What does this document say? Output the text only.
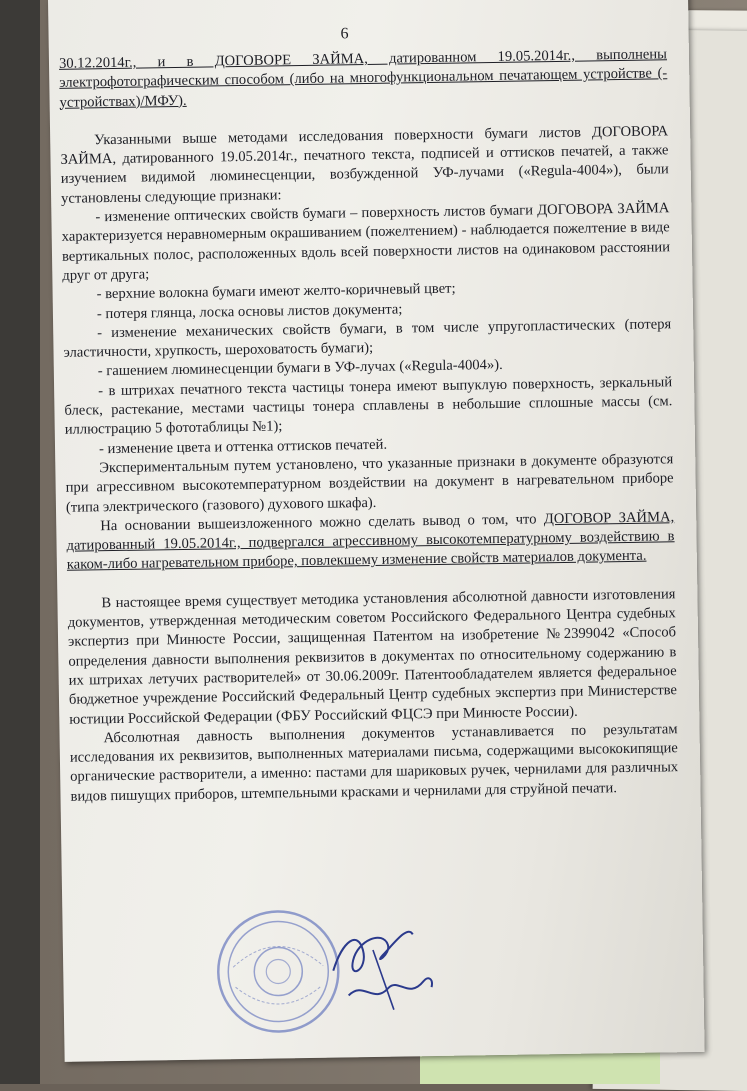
6

30.12.2014г., и в ДОГОВОРЕ ЗАЙМА, датированном 19.05.2014г., выполнены электрофотографическим способом (либо на многофункциональном печатающем устройстве (-устройствах)/МФУ).

Указанными выше методами исследования поверхности бумаги листов ДОГОВОРА ЗАЙМА, датированного 19.05.2014г., печатного текста, подписей и оттисков печатей, а также изучением видимой люминесценции, возбужденной УФ-лучами («Regula-4004»), были установлены следующие признаки:

- изменение оптических свойств бумаги – поверхность листов бумаги ДОГОВОРА ЗАЙМА характеризуется неравномерным окрашиванием (пожелтением) - наблюдается пожелтение в виде вертикальных полос, расположенных вдоль всей поверхности листов на одинаковом расстоянии друг от друга;

- верхние волокна бумаги имеют желто-коричневый цвет;

- потеря глянца, лоска основы листов документа;

- изменение механических свойств бумаги, в том числе упругопластических (потеря эластичности, хрупкость, шероховатость бумаги);

- гашением люминесценции бумаги в УФ-лучах («Regula-4004»).

- в штрихах печатного текста частицы тонера имеют выпуклую поверхность, зеркальный блеск, растекание, местами частицы тонера сплавлены в небольшие сплошные массы (см. иллюстрацию 5 фототаблицы №1);

- изменение цвета и оттенка оттисков печатей.

Экспериментальным путем установлено, что указанные признаки в документе образуются при агрессивном высокотемпературном воздействии на документ в нагревательном приборе (типа электрического (газового) духового шкафа).

На основании вышеизложенного можно сделать вывод о том, что ДОГОВОР ЗАЙМА, датированный 19.05.2014г., подвергался агрессивному высокотемпературному воздействию в каком-либо нагревательном приборе, повлекшему изменение свойств материалов документа.

В настоящее время существует методика установления абсолютной давности изготовления документов, утвержденная методическим советом Российского Федерального Центра судебных экспертиз при Минюсте России, защищенная Патентом на изобретение №2399042 «Способ определения давности выполнения реквизитов в документах по относительному содержанию в их штрихах летучих растворителей» от 30.06.2009г. Патентообладателем является федеральное бюджетное учреждение Российский Федеральный Центр судебных экспертиз при Министерстве юстиции Российской Федерации (ФБУ Российский ФЦСЭ при Минюсте России).

Абсолютная давность выполнения документов устанавливается по результатам исследования их реквизитов, выполненных материалами письма, содержащими высококипящие органические растворители, а именно: пастами для шариковых ручек, чернилами для различных видов пишущих приборов, штемпельными красками и чернилами для струйной печати.
